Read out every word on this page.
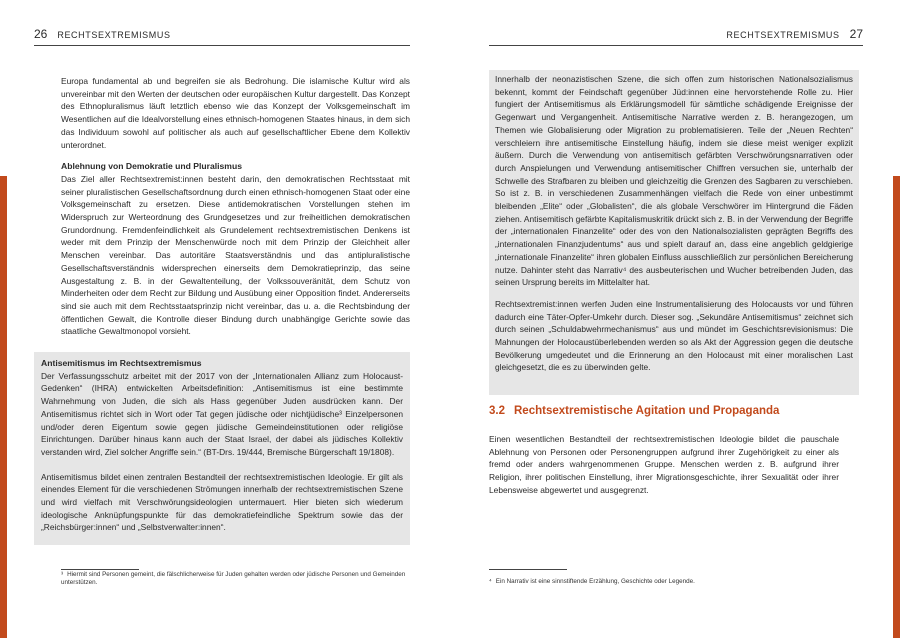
26 RECHTSEXTREMISMUS

Europa fundamental ab und begreifen sie als Bedrohung. Die islamische Kultur wird als unvereinbar mit den Werten der deutschen oder europäischen Kultur dargestellt. Das Konzept des Ethnopluralismus läuft letztlich ebenso wie das Konzept der Volksgemeinschaft im Wesentlichen auf die Idealvorstellung eines ethnisch-homogenen Staates hinaus, in dem sich das Individuum sowohl auf politischer als auch auf gesellschaftlicher Ebene dem Kollektiv unterordnet.

Ablehnung von Demokratie und Pluralismus

Das Ziel aller Rechtsextremist:innen besteht darin, den demokratischen Rechtsstaat mit seiner pluralistischen Gesellschaftsordnung durch einen ethnisch-homogenen Staat oder eine Volksgemeinschaft zu ersetzen. Diese antidemokratischen Vorstellungen stehen im Widerspruch zur Werteordnung des Grundgesetzes und zur freiheitlichen demokratischen Grundordnung. Fremdenfeindlichkeit als Grundelement rechtsextremistischen Denkens ist weder mit dem Prinzip der Menschenwürde noch mit dem Prinzip der Gleichheit aller Menschen vereinbar. Das autoritäre Staatsverständnis und das antipluralistische Gesellschaftsverständnis widersprechen einerseits dem Demokratieprinzip, das seine Ausgestaltung z. B. in der Gewaltenteilung, der Volkssouveränität, dem Schutz von Minderheiten oder dem Recht zur Bildung und Ausübung einer Opposition findet. Andererseits sind sie auch mit dem Rechtsstaatsprinzip nicht vereinbar, das u. a. die Rechtsbindung der öffentlichen Gewalt, die Kontrolle dieser Bindung durch unabhängige Gerichte sowie das staatliche Gewaltmonopol vorsieht.

Antisemitismus im Rechtsextremismus

Der Verfassungsschutz arbeitet mit der 2017 von der „Internationalen Allianz zum Holocaust-Gedenken“ (IHRA) entwickelten Arbeitsdefinition: „Antisemitismus ist eine bestimmte Wahrnehmung von Juden, die sich als Hass gegenüber Juden ausdrücken kann. Der Antisemitismus richtet sich in Wort oder Tat gegen jüdische oder nichtjüdische³ Einzelpersonen und/oder deren Eigentum sowie gegen jüdische Gemeindeinstitutionen oder religiöse Einrichtungen. Darüber hinaus kann auch der Staat Israel, der dabei als jüdisches Kollektiv verstanden wird, Ziel solcher Angriffe sein.“ (BT-Drs. 19/444, Bremische Bürgerschaft 19/1808).

Antisemitismus bildet einen zentralen Bestandteil der rechtsextremistischen Ideologie. Er gilt als einendes Element für die verschiedenen Strömungen innerhalb der rechtsextremistischen Szene und wird vielfach mit Verschwörungsideologien untermauert. Hier bieten sich wiederum ideologische Anknüpfungspunkte für das demokratiefeindliche Spektrum sowie das der „Reichsbürger:innen“ und „Selbstverwalter:innen“.

³ Hiermit sind Personen gemeint, die fälschlicherweise für Juden gehalten werden oder jüdische Personen und Gemeinden unterstützen.
RECHTSEXTREMISMUS 27

Innerhalb der neonazistischen Szene, die sich offen zum historischen Nationalsozialismus bekennt, kommt der Feindschaft gegenüber Jüd:innen eine hervorstehende Rolle zu. Hier fungiert der Antisemitismus als Erklärungsmodell für sämtliche schädigende Ereignisse der Gegenwart und Vergangenheit. Antisemitische Narrative werden z. B. herangezogen, um Themen wie Globalisierung oder Migration zu problematisieren. Teile der „Neuen Rechten“ verschleiern ihre antisemitische Einstellung häufig, indem sie diese meist weniger explizit äußern. Durch die Verwendung von antisemitisch gefärbten Verschwörungsnarrativen oder durch Anspielungen und Verwendung antisemitischer Chiffren versuchen sie, unterhalb der Schwelle des Strafbaren zu bleiben und gleichzeitig die Grenzen des Sagbaren zu verschieben. So ist z. B. in verschiedenen Zusammenhängen vielfach die Rede von einer unbestimmt bleibenden „Elite“ oder „Globalisten“, die als globale Verschwörer im Hintergrund die Fäden ziehen. Antisemitisch gefärbte Kapitalismuskritik drückt sich z. B. in der Verwendung der Begriffe der „internationalen Finanzelite“ oder des von den Nationalsozialisten geprägten Begriffs des „internationalen Finanzjudentums“ aus und spielt darauf an, dass eine angeblich geldgierige „internationale Finanzelite“ ihren globalen Einfluss ausschließlich zur persönlichen Bereicherung nutze. Dahinter steht das Narrativ⁴ des ausbeuterischen und Wucher betreibenden Juden, das seinen Ursprung bereits im Mittelalter hat.

Rechtsextremist:innen werfen Juden eine Instrumentalisierung des Holocausts vor und führen dadurch eine Täter-Opfer-Umkehr durch. Dieser sog. „Sekundäre Antisemitismus“ zeichnet sich durch seinen „Schuldabwehrmechanismus“ aus und mündet im Geschichtsrevisionismus: Die Mahnungen der Holocaustüberlebenden werden so als Akt der Aggression gegen die deutsche Bevölkerung umgedeutet und die Erinnerung an den Holocaust mit einer moralischen Last gleichgesetzt, die es zu überwinden gelte.

3.2 Rechtsextremistische Agitation und Propaganda

Einen wesentlichen Bestandteil der rechtsextremistischen Ideologie bildet die pauschale Ablehnung von Personen oder Personengruppen aufgrund ihrer Zugehörigkeit zu einer als fremd oder anders wahrgenommenen Gruppe. Menschen werden z. B. aufgrund ihrer Religion, ihrer politischen Einstellung, ihrer Migrationsgeschichte, ihrer Sexualität oder ihrer Lebensweise abgewertet und ausgegrenzt.

⁴ Ein Narrativ ist eine sinnstiftende Erzählung, Geschichte oder Legende.
